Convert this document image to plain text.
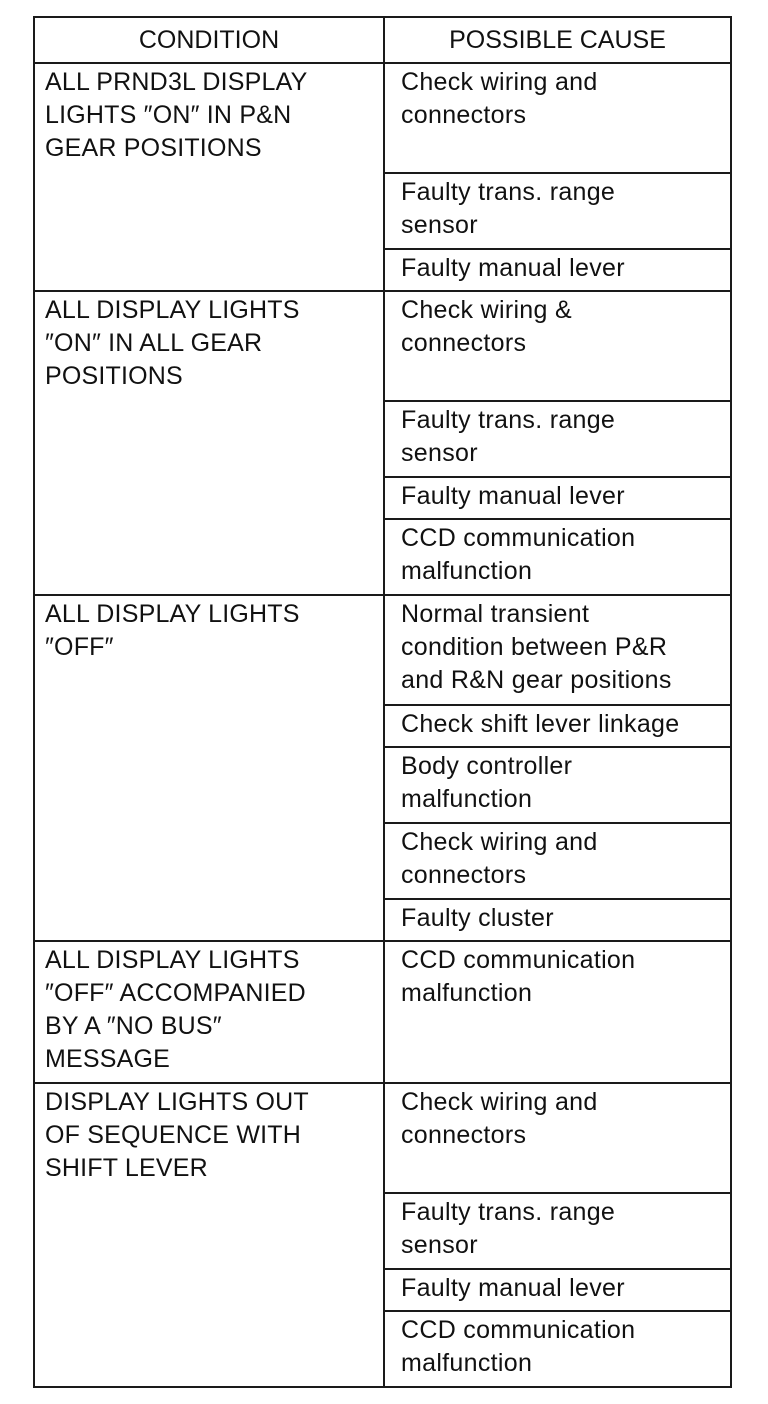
CONDITION	POSSIBLE CAUSE

ALL PRND3L DISPLAY
LIGHTS ″ON″ IN P&N
GEAR POSITIONS	Check wiring and
connectors

	Faulty trans. range
sensor

	Faulty manual lever

ALL DISPLAY LIGHTS
″ON″ IN ALL GEAR
POSITIONS	Check wiring &
connectors

	Faulty trans. range
sensor

	Faulty manual lever

	CCD communication
malfunction

ALL DISPLAY LIGHTS
″OFF″	Normal transient
condition between P&R
and R&N gear positions

	Check shift lever linkage

	Body controller
malfunction

	Check wiring and
connectors

	Faulty cluster

ALL DISPLAY LIGHTS
″OFF″ ACCOMPANIED
BY A ″NO BUS″
MESSAGE	CCD communication
malfunction

DISPLAY LIGHTS OUT
OF SEQUENCE WITH
SHIFT LEVER	Check wiring and
connectors

	Faulty trans. range
sensor

	Faulty manual lever

	CCD communication
malfunction
